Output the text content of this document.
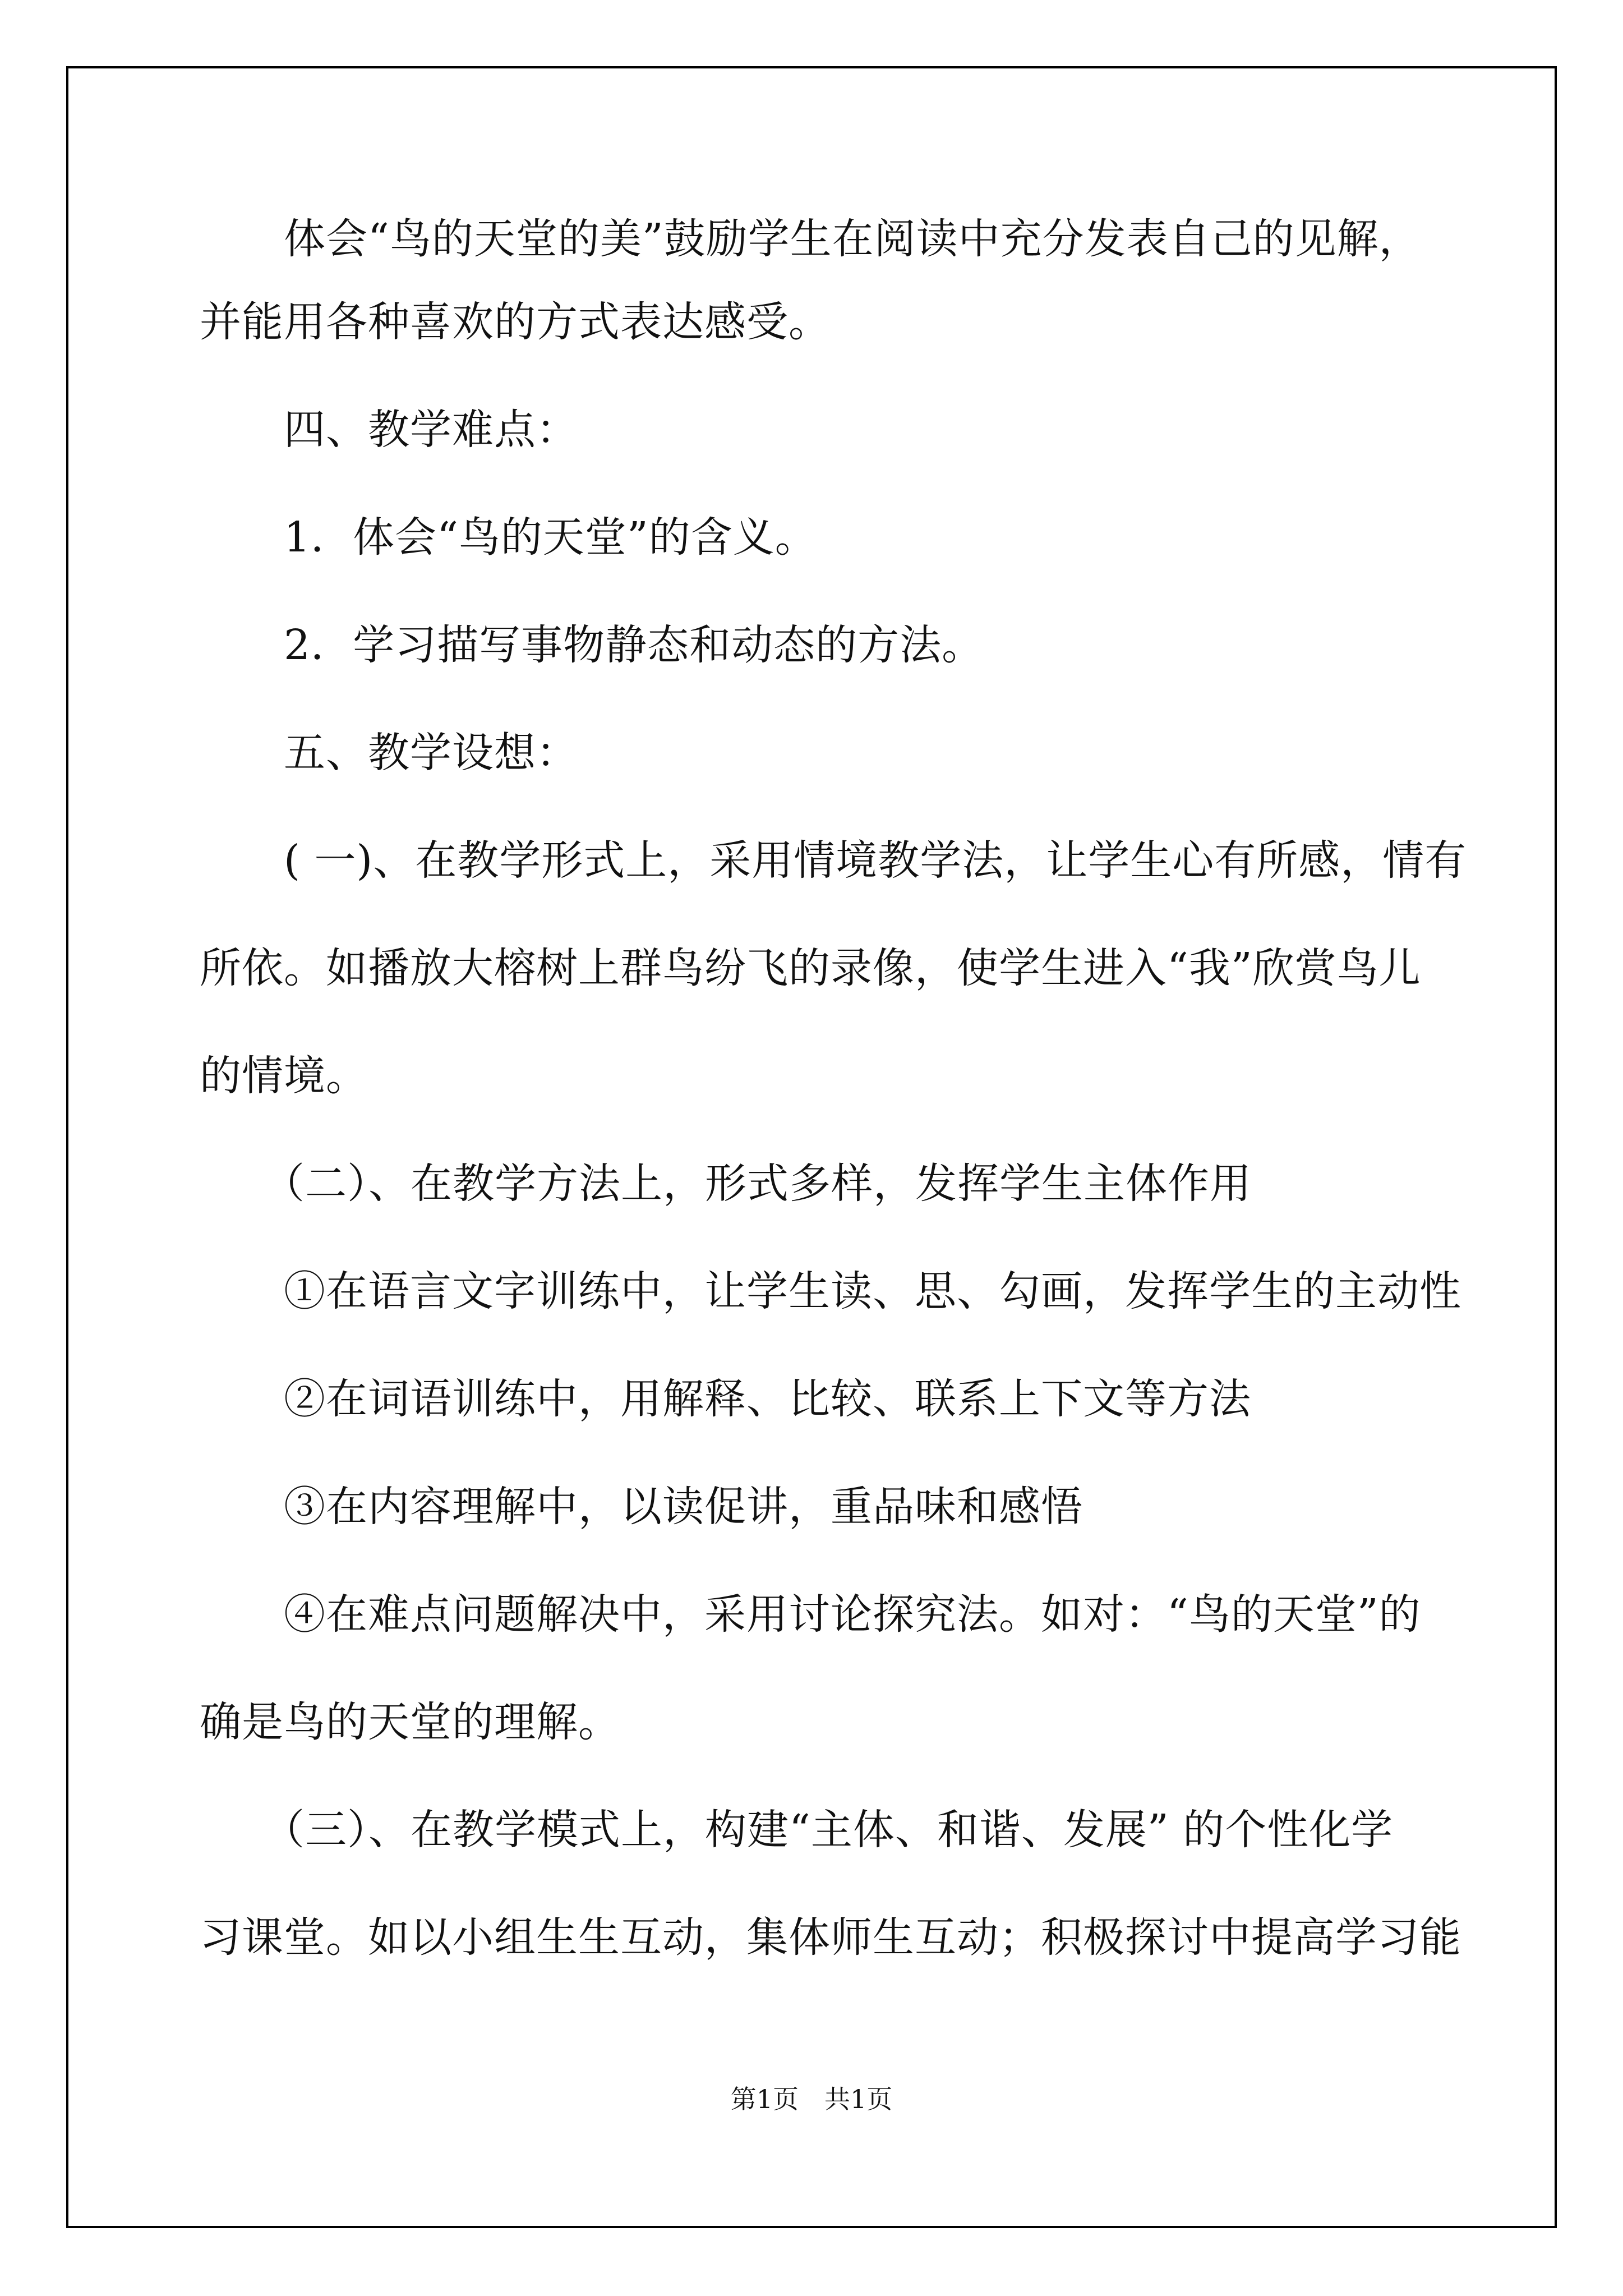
　　体会“鸟的天堂的美”鼓励学生在阅读中充分发表自己的见解，
并能用各种喜欢的方式表达感受。
　　四、教学难点：
　　1．体会“鸟的天堂”的含义。
　　2．学习描写事物静态和动态的方法。
　　五、教学设想：
　　( 一)、在教学形式上，采用情境教学法，让学生心有所感，情有
所依。如播放大榕树上群鸟纷飞的录像，使学生进入“我”欣赏鸟儿
的情境。
　　（二）、在教学方法上，形式多样，发挥学生主体作用
　　①在语言文字训练中，让学生读、思、勾画，发挥学生的主动性
　　②在词语训练中，用解释、比较、联系上下文等方法
　　③在内容理解中，以读促讲，重品味和感悟
　　④在难点问题解决中，采用讨论探究法。如对：“鸟的天堂”的
确是鸟的天堂的理解。
　　（三）、在教学模式上，构建“主体、和谐、发展” 的个性化学
习课堂。如以小组生生互动，集体师生互动；积极探讨中提高学习能
第1页　共1页
